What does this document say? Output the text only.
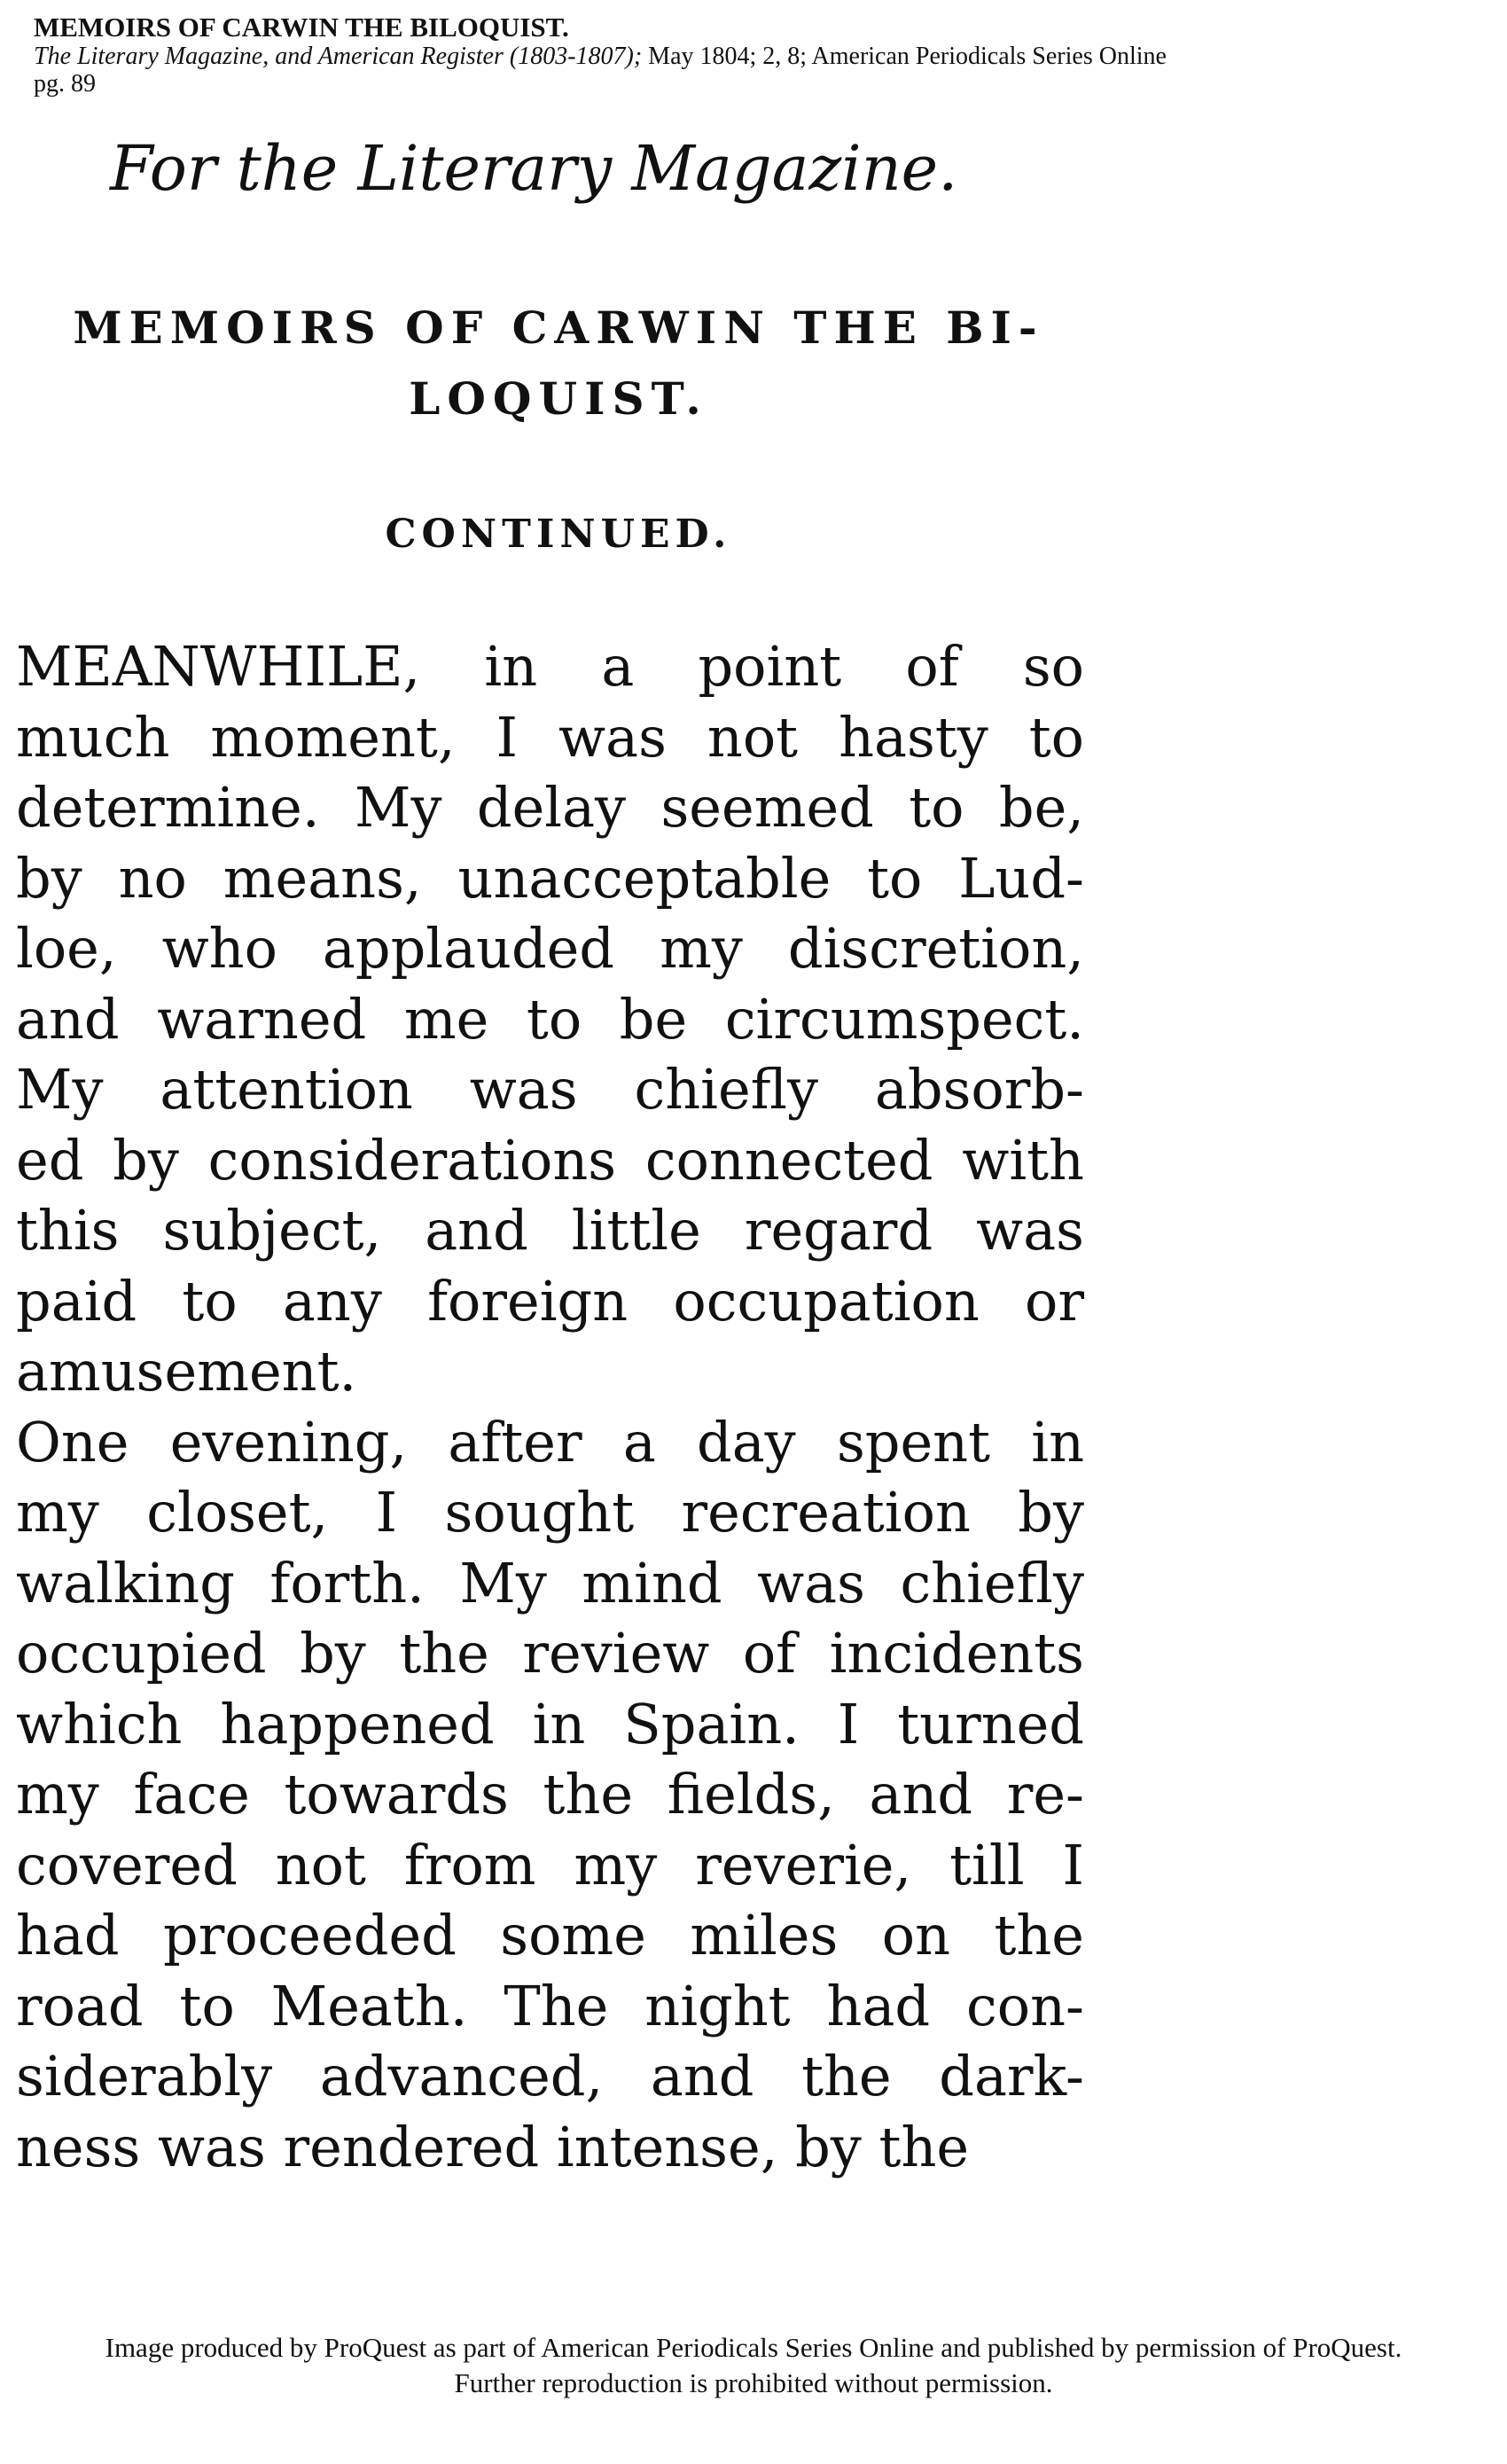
MEMOIRS OF CARWIN THE BILOQUIST.
The Literary Magazine, and American Register (1803-1807); May 1804; 2, 8; American Periodicals Series Online
pg. 89
For the Literary Magazine.
MEMOIRS OF CARWIN THE BI-
LOQUIST.
CONTINUED.
MEANWHILE, in a point of so
much moment, I was not hasty to
determine. My delay seemed to be,
by no means, unacceptable to Lud-
loe, who applauded my discretion,
and warned me to be circumspect.
My attention was chiefly absorb-
ed by considerations connected with
this subject, and little regard was
paid to any foreign occupation or
amusement.
One evening, after a day spent in
my closet, I sought recreation by
walking forth. My mind was chiefly
occupied by the review of incidents
which happened in Spain. I turned
my face towards the fields, and re-
covered not from my reverie, till I
had proceeded some miles on the
road to Meath. The night had con-
siderably advanced, and the dark-
ness was rendered intense, by the
Image produced by ProQuest as part of American Periodicals Series Online and published by permission of ProQuest.
Further reproduction is prohibited without permission.
